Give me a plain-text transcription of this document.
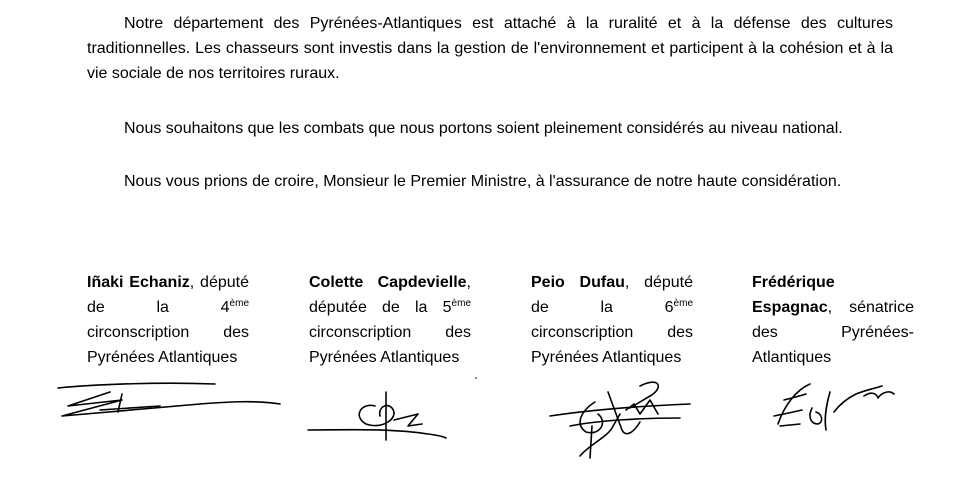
Notre département des Pyrénées-Atlantiques est attaché à la ruralité et à la défense des cultures traditionnelles. Les chasseurs sont investis dans la gestion de l'environnement et participent à la cohésion et à la vie sociale de nos territoires ruraux.

Nous souhaitons que les combats que nous portons soient pleinement considérés au niveau national.

Nous vous prions de croire, Monsieur le Premier Ministre, à l'assurance de notre haute considération.

Iñaki Echaniz, député de la 4ème circonscription des Pyrénées Atlantiques

Colette Capdevielle, députée de la 5ème circonscription des Pyrénées Atlantiques

Peio Dufau, député de la 6ème circonscription des Pyrénées Atlantiques

Frédérique Espagnac, sénatrice des Pyrénées-Atlantiques
